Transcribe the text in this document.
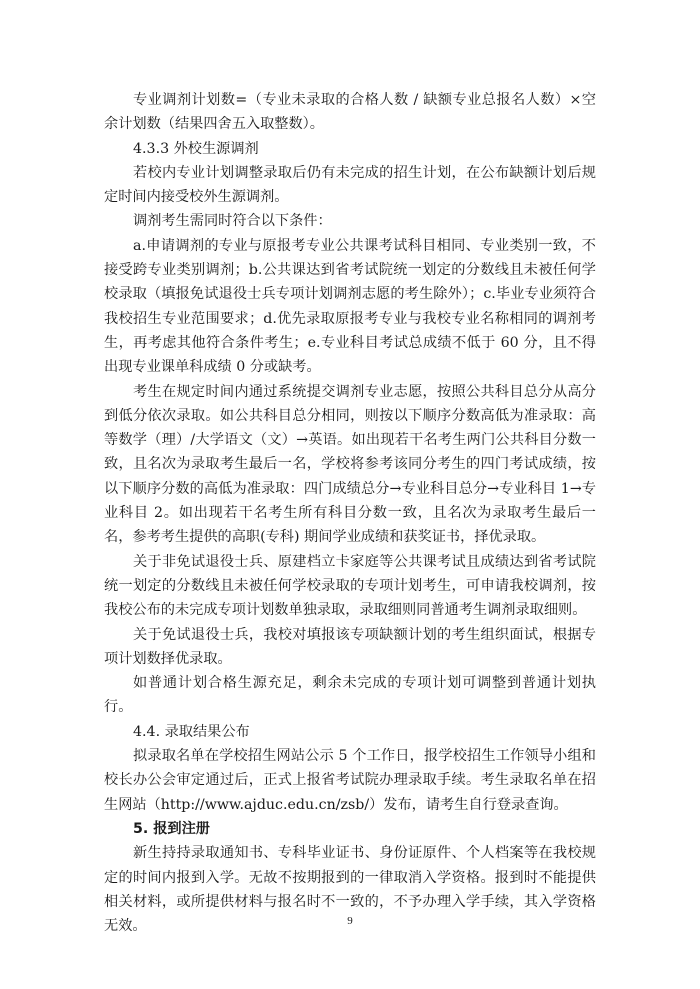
专业调剂计划数=（专业未录取的合格人数 / 缺额专业总报名人数）×空余计划数（结果四舍五入取整数）。

4.3.3 外校生源调剂

若校内专业计划调整录取后仍有未完成的招生计划，在公布缺额计划后规定时间内接受校外生源调剂。

调剂考生需同时符合以下条件：

a.申请调剂的专业与原报考专业公共课考试科目相同、专业类别一致，不接受跨专业类别调剂；b.公共课达到省考试院统一划定的分数线且未被任何学校录取（填报免试退役士兵专项计划调剂志愿的考生除外）；c.毕业专业须符合我校招生专业范围要求；d.优先录取原报考专业与我校专业名称相同的调剂考生，再考虑其他符合条件考生；e.专业科目考试总成绩不低于 60 分，且不得出现专业课单科成绩 0 分或缺考。

考生在规定时间内通过系统提交调剂专业志愿，按照公共科目总分从高分到低分依次录取。如公共科目总分相同，则按以下顺序分数高低为准录取：高等数学（理）/大学语文（文）→英语。如出现若干名考生两门公共科目分数一致，且名次为录取考生最后一名，学校将参考该同分考生的四门考试成绩，按以下顺序分数的高低为准录取：四门成绩总分→专业科目总分→专业科目 1→专业科目 2。如出现若干名考生所有科目分数一致，且名次为录取考生最后一名，参考考生提供的高职(专科) 期间学业成绩和获奖证书，择优录取。

关于非免试退役士兵、原建档立卡家庭等公共课考试且成绩达到省考试院统一划定的分数线且未被任何学校录取的专项计划考生，可申请我校调剂，按我校公布的未完成专项计划数单独录取，录取细则同普通考生调剂录取细则。

关于免试退役士兵，我校对填报该专项缺额计划的考生组织面试，根据专项计划数择优录取。

如普通计划合格生源充足，剩余未完成的专项计划可调整到普通计划执行。

4.4. 录取结果公布

拟录取名单在学校招生网站公示 5 个工作日，报学校招生工作领导小组和校长办公会审定通过后，正式上报省考试院办理录取手续。考生录取名单在招生网站（http://www.ajduc.edu.cn/zsb/）发布，请考生自行登录查询。

5. 报到注册

新生持持录取通知书、专科毕业证书、身份证原件、个人档案等在我校规定的时间内报到入学。无故不按期报到的一律取消入学资格。报到时不能提供相关材料，或所提供材料与报名时不一致的，不予办理入学手续，其入学资格无效。	9
